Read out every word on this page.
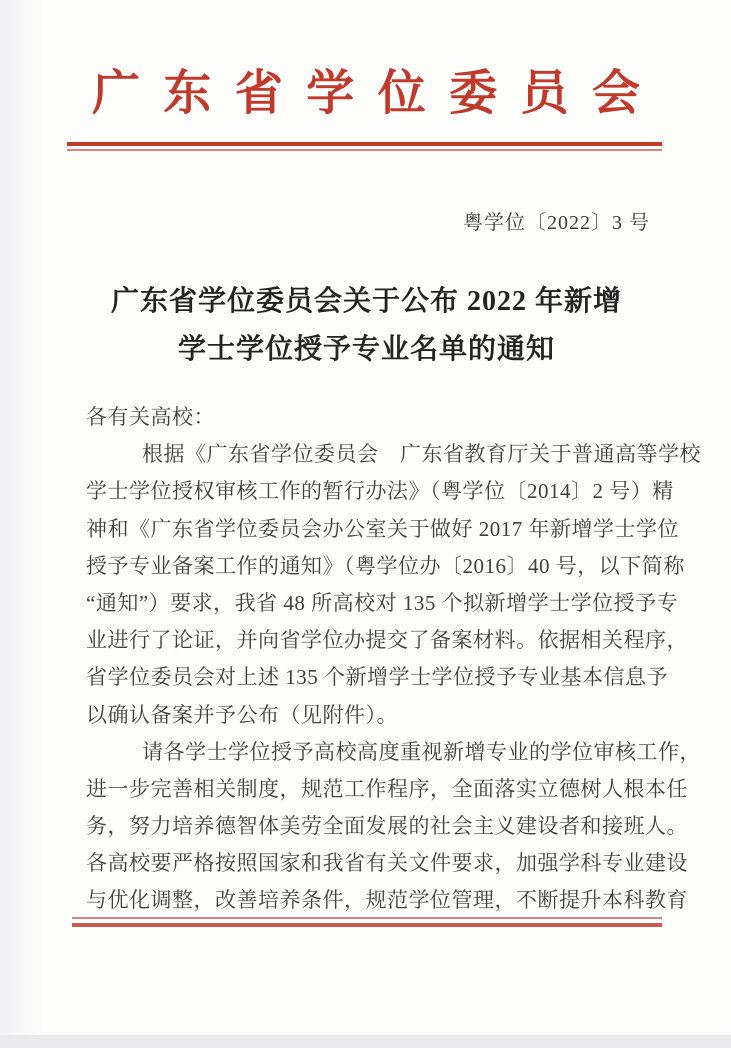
广 东 省 学 位 委 员 会
粤学位〔2022〕3 号
广东省学位委员会关于公布 2022 年新增
学士学位授予专业名单的通知
各有关高校：
根据《广东省学位委员会　广东省教育厅关于普通高等学校
学士学位授权审核工作的暂行办法》（粤学位〔2014〕2 号）精
神和《广东省学位委员会办公室关于做好 2017 年新增学士学位
授予专业备案工作的通知》（粤学位办〔2016〕40 号，以下简称
“通知”）要求，我省 48 所高校对 135 个拟新增学士学位授予专
业进行了论证，并向省学位办提交了备案材料。依据相关程序，
省学位委员会对上述 135 个新增学士学位授予专业基本信息予
以确认备案并予公布（见附件）。
请各学士学位授予高校高度重视新增专业的学位审核工作，
进一步完善相关制度，规范工作程序，全面落实立德树人根本任
务，努力培养德智体美劳全面发展的社会主义建设者和接班人。
各高校要严格按照国家和我省有关文件要求，加强学科专业建设
与优化调整，改善培养条件，规范学位管理，不断提升本科教育
